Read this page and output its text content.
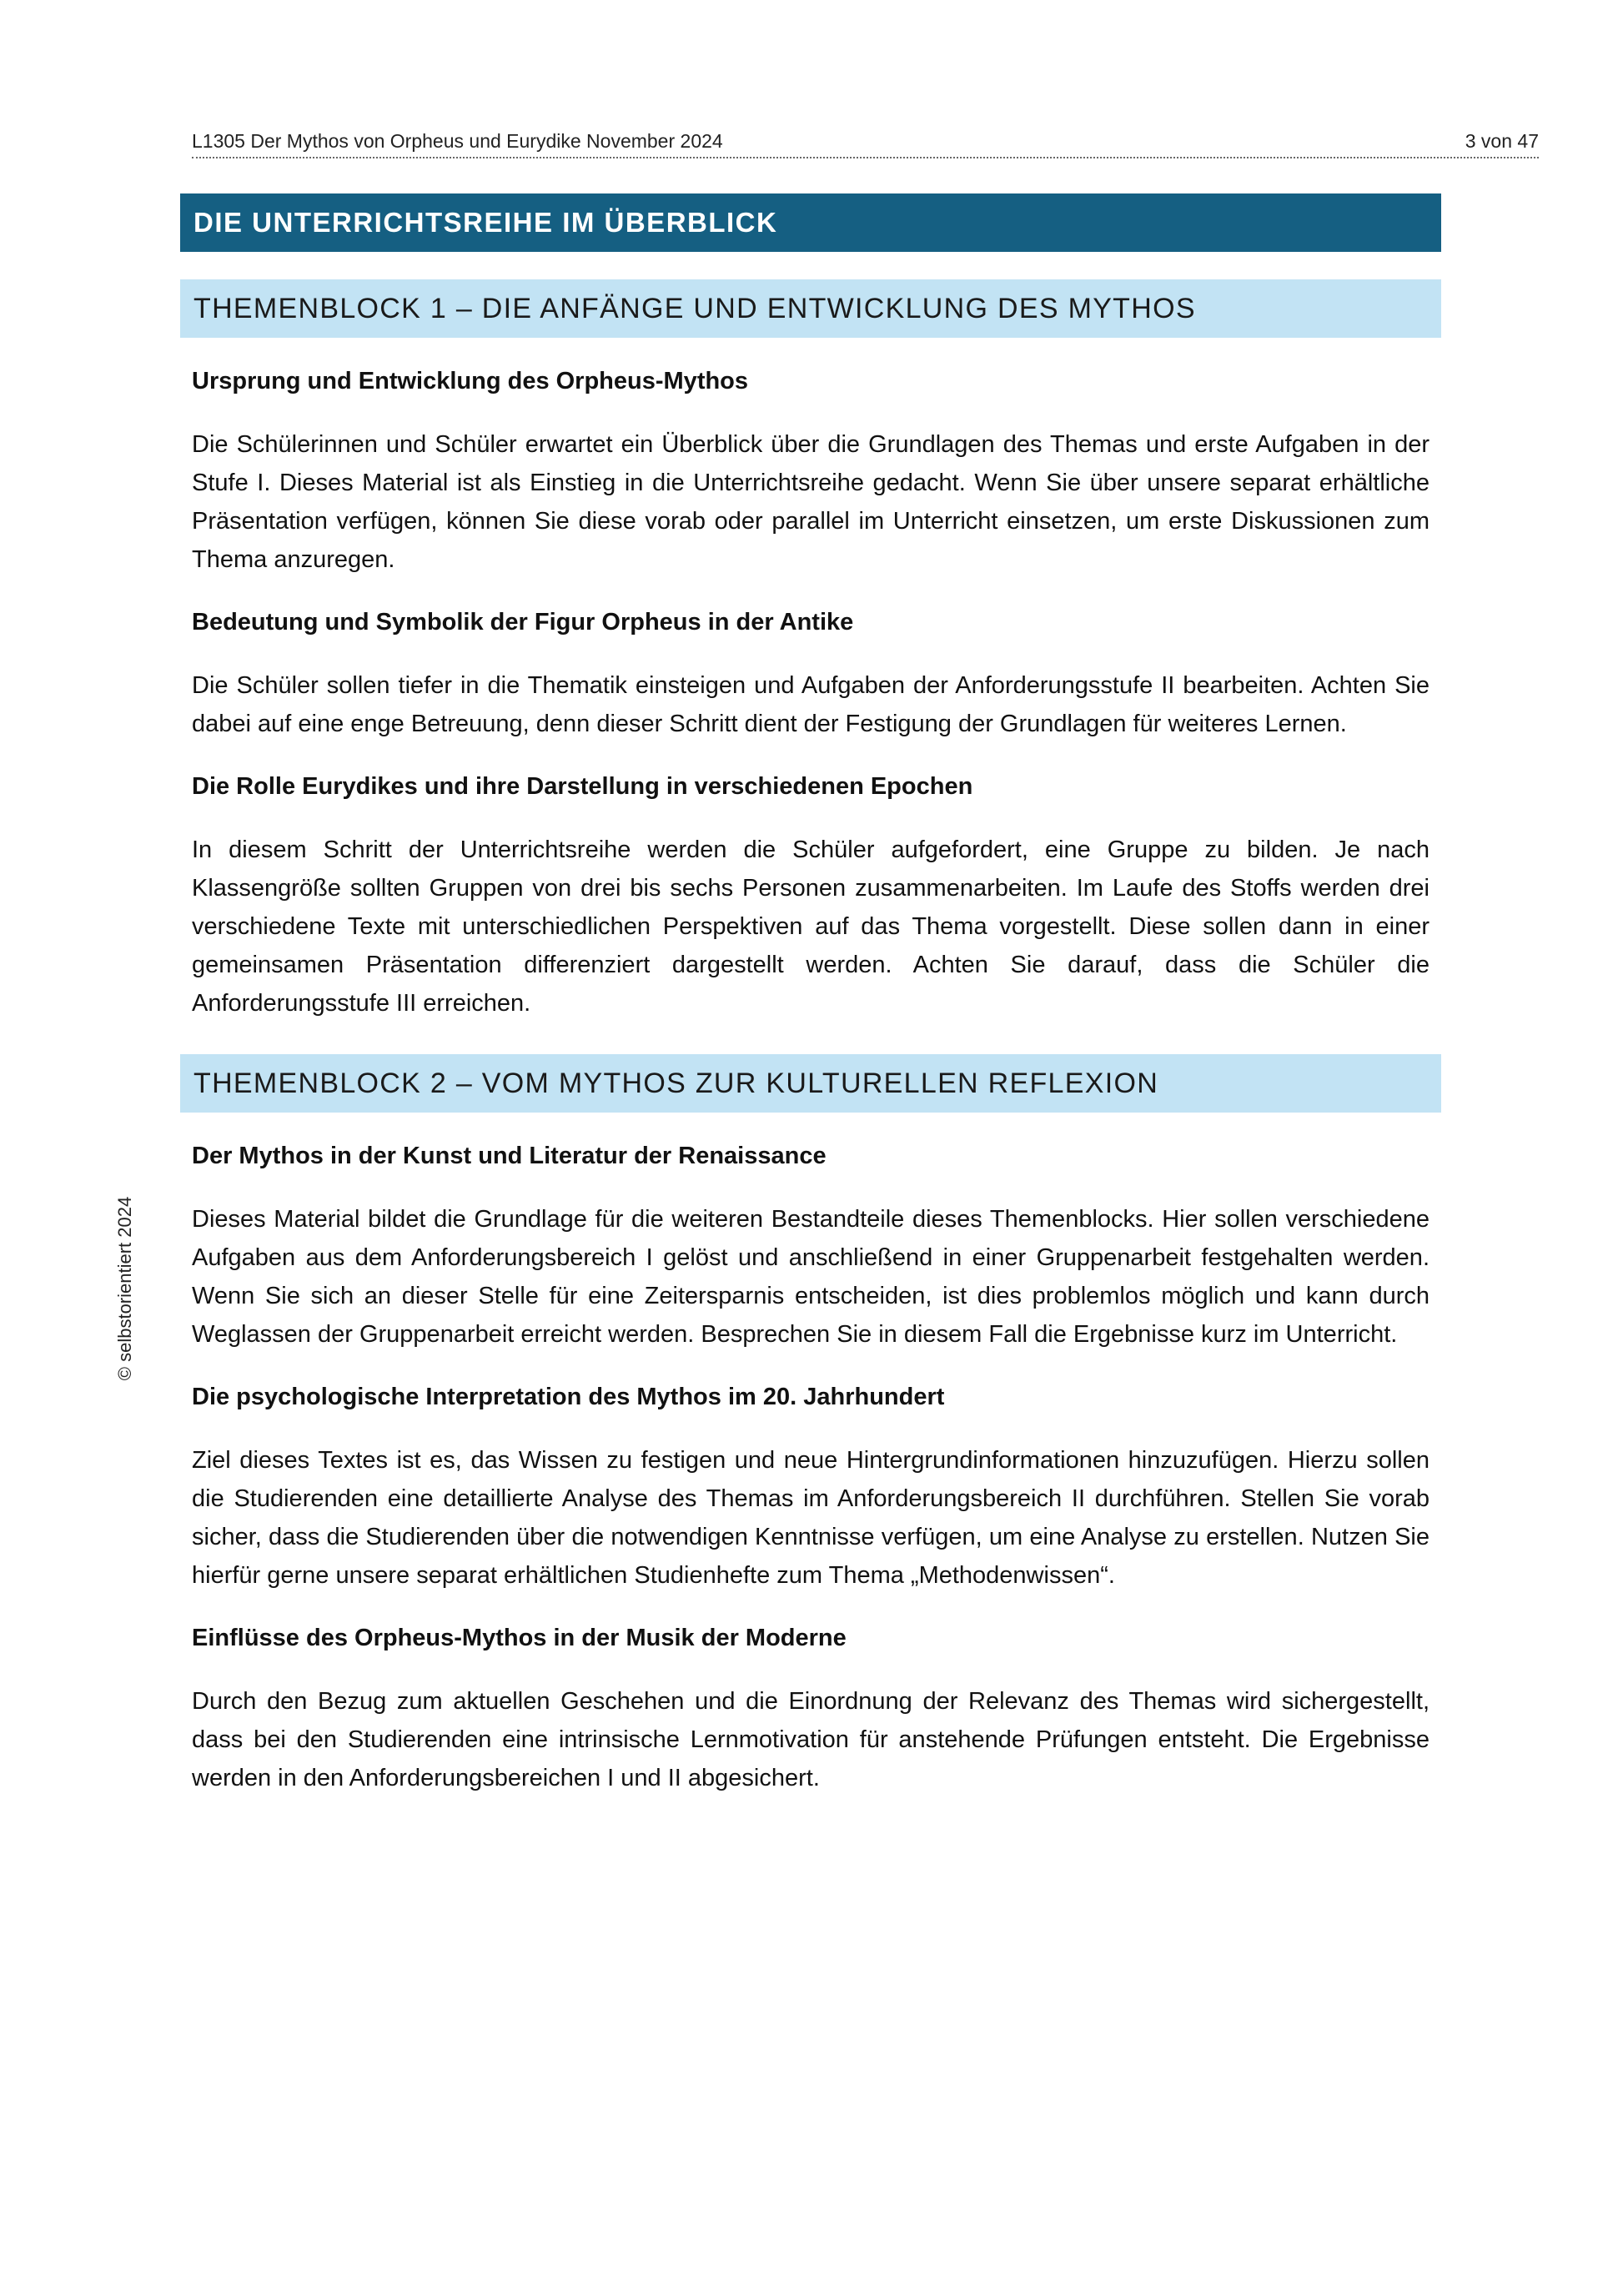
L1305 Der Mythos von Orpheus und Eurydike November 2024	3 von 47
© selbstorientiert 2024
DIE UNTERRICHTSREIHE IM ÜBERBLICK
THEMENBLOCK 1 – DIE ANFÄNGE UND ENTWICKLUNG DES MYTHOS

Ursprung und Entwicklung des Orpheus-Mythos

Die Schülerinnen und Schüler erwartet ein Überblick über die Grundlagen des Themas und erste Aufgaben in der Stufe I. Dieses Material ist als Einstieg in die Unterrichtsreihe gedacht. Wenn Sie über unsere separat erhältliche Präsentation verfügen, können Sie diese vorab oder parallel im Unterricht einsetzen, um erste Diskussionen zum Thema anzuregen.

Bedeutung und Symbolik der Figur Orpheus in der Antike

Die Schüler sollen tiefer in die Thematik einsteigen und Aufgaben der Anforderungsstufe II bearbeiten. Achten Sie dabei auf eine enge Betreuung, denn dieser Schritt dient der Festigung der Grundlagen für weiteres Lernen.

Die Rolle Eurydikes und ihre Darstellung in verschiedenen Epochen

In diesem Schritt der Unterrichtsreihe werden die Schüler aufgefordert, eine Gruppe zu bilden. Je nach Klassengröße sollten Gruppen von drei bis sechs Personen zusammenarbeiten. Im Laufe des Stoffs werden drei verschiedene Texte mit unterschiedlichen Perspektiven auf das Thema vorgestellt. Diese sollen dann in einer gemeinsamen Präsentation differenziert dargestellt werden. Achten Sie darauf, dass die Schüler die Anforderungsstufe III erreichen.

THEMENBLOCK 2 – VOM MYTHOS ZUR KULTURELLEN REFLEXION

Der Mythos in der Kunst und Literatur der Renaissance

Dieses Material bildet die Grundlage für die weiteren Bestandteile dieses Themenblocks. Hier sollen verschiedene Aufgaben aus dem Anforderungsbereich I gelöst und anschließend in einer Gruppenarbeit festgehalten werden. Wenn Sie sich an dieser Stelle für eine Zeitersparnis entscheiden, ist dies problemlos möglich und kann durch Weglassen der Gruppenarbeit erreicht werden. Besprechen Sie in diesem Fall die Ergebnisse kurz im Unterricht.

Die psychologische Interpretation des Mythos im 20. Jahrhundert

Ziel dieses Textes ist es, das Wissen zu festigen und neue Hintergrundinformationen hinzuzufügen. Hierzu sollen die Studierenden eine detaillierte Analyse des Themas im Anforderungsbereich II durchführen. Stellen Sie vorab sicher, dass die Studierenden über die notwendigen Kenntnisse verfügen, um eine Analyse zu erstellen. Nutzen Sie hierfür gerne unsere separat erhältlichen Studienhefte zum Thema „Methodenwissen“.

Einflüsse des Orpheus-Mythos in der Musik der Moderne

Durch den Bezug zum aktuellen Geschehen und die Einordnung der Relevanz des Themas wird sichergestellt, dass bei den Studierenden eine intrinsische Lernmotivation für anstehende Prüfungen entsteht. Die Ergebnisse werden in den Anforderungsbereichen I und II abgesichert.
